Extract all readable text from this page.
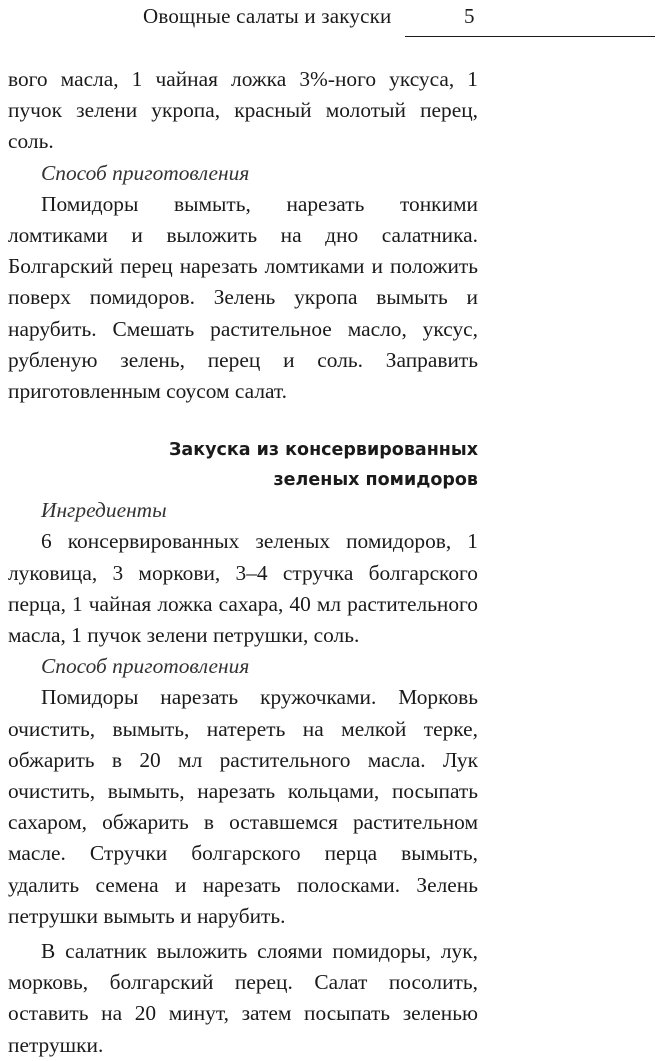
Овощные салаты и закуски	5

вого масла, 1 чайная ложка 3%-ного уксуса, 1 пучок зелени укропа, красный молотый перец, соль.

Способ приготовления

Помидоры вымыть, нарезать тонкими ломтиками и выложить на дно салатника. Болгарский перец нарезать ломтиками и положить поверх помидоров. Зелень укропа вымыть и нарубить. Смешать растительное масло, уксус, рубленую зелень, перец и соль. Заправить приготовленным соусом салат.

Закуска из консервированных

зеленых помидоров

Ингредиенты

6 консервированных зеленых помидоров, 1 луковица, 3 моркови, 3–4 стручка болгарского перца, 1 чайная ложка сахара, 40 мл растительного масла, 1 пучок зелени петрушки, соль.

Способ приготовления

Помидоры нарезать кружочками. Морковь очистить, вымыть, натереть на мелкой терке, обжарить в 20 мл растительного масла. Лук очистить, вымыть, нарезать кольцами, посыпать сахаром, обжарить в оставшемся растительном масле. Стручки болгарского перца вымыть, удалить семена и нарезать полосками. Зелень петрушки вымыть и нарубить.

В салатник выложить слоями помидоры, лук, морковь, болгарский перец. Салат посолить, оставить на 20 минут, затем посыпать зеленью петрушки.
